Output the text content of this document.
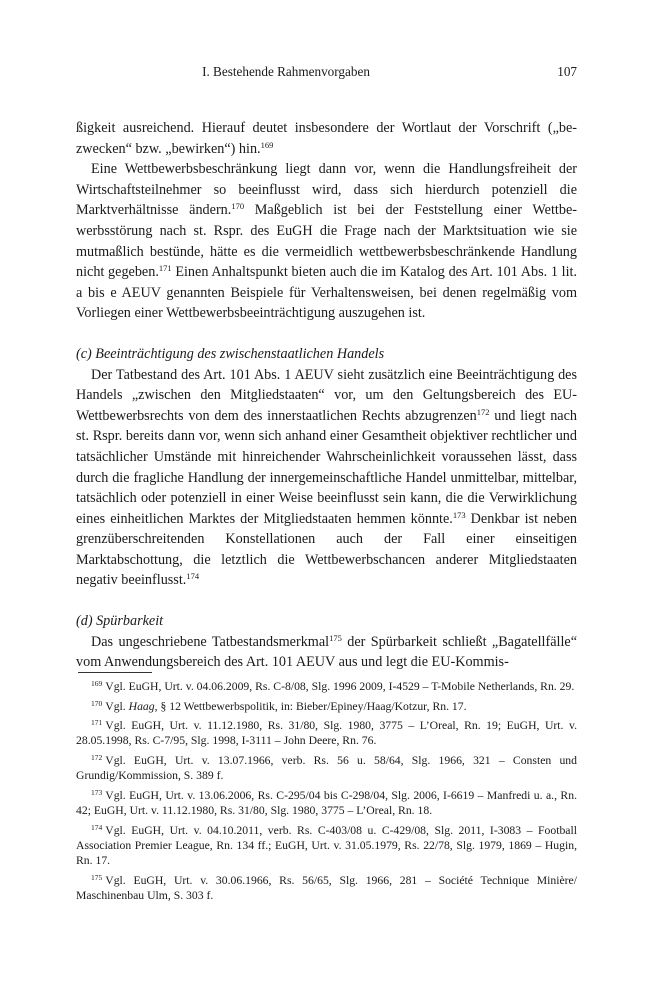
I. Bestehende Rahmenvorgaben	107

ßigkeit ausreichend. Hierauf deutet insbesondere der Wortlaut der Vorschrift („bezwecken“ bzw. „bewirken“) hin.$^{169}$

Eine Wettbewerbsbeschränkung liegt dann vor, wenn die Handlungsfreiheit der Wirtschaftsteilnehmer so beeinflusst wird, dass sich hierdurch potenziell die Marktverhältnisse ändern.$^{170}$ Maßgeblich ist bei der Feststellung einer Wettbewerbsstörung nach st. Rspr. des EuGH die Frage nach der Marktsituation wie sie mutmaßlich bestünde, hätte es die vermeidlich wettbewerbsbeschränkende Handlung nicht gegeben.$^{171}$ Einen Anhaltspunkt bieten auch die im Katalog des Art. 101 Abs. 1 lit. a bis e AEUV genannten Beispiele für Verhaltensweisen, bei denen regelmäßig vom Vorliegen einer Wettbewerbsbeeinträchtigung auszugehen ist.

(c) Beeinträchtigung des zwischenstaatlichen Handels

Der Tatbestand des Art. 101 Abs. 1 AEUV sieht zusätzlich eine Beeinträchtigung des Handels „zwischen den Mitgliedstaaten“ vor, um den Geltungsbereich des EU-Wettbewerbsrechts von dem des innerstaatlichen Rechts abzugrenzen$^{172}$ und liegt nach st. Rspr. bereits dann vor, wenn sich anhand einer Gesamtheit objektiver rechtlicher und tatsächlicher Umstände mit hinreichender Wahrscheinlichkeit voraussehen lässt, dass durch die fragliche Handlung der innergemeinschaftliche Handel unmittelbar, mittelbar, tatsächlich oder potenziell in einer Weise beeinflusst sein kann, die die Verwirklichung eines einheitlichen Marktes der Mitgliedstaaten hemmen könnte.$^{173}$ Denkbar ist neben grenzüberschreitenden Konstellationen auch der Fall einer einseitigen Marktabschottung, die letztlich die Wettbewerbschancen anderer Mitgliedstaaten negativ beeinflusst.$^{174}$

(d) Spürbarkeit

Das ungeschriebene Tatbestandsmerkmal$^{175}$ der Spürbarkeit schließt „Bagatellfälle“ vom Anwendungsbereich des Art. 101 AEUV aus und legt die EU-Kommis-

$^{169}$ Vgl. EuGH, Urt. v. 04.06.2009, Rs. C-8/08, Slg. 1996 2009, I-4529 – T-Mobile Netherlands, Rn. 29.

$^{170}$ Vgl. Haag, § 12 Wettbewerbspolitik, in: Bieber/Epiney/Haag/Kotzur, Rn. 17.

$^{171}$ Vgl. EuGH, Urt. v. 11.12.1980, Rs. 31/80, Slg. 1980, 3775 – L’Oreal, Rn. 19; EuGH, Urt. v. 28.05.1998, Rs. C-7/95, Slg. 1998, I-3111 – John Deere, Rn. 76.

$^{172}$ Vgl. EuGH, Urt. v. 13.07.1966, verb. Rs. 56 u. 58/64, Slg. 1966, 321 – Consten und Grundig/Kommission, S. 389 f.

$^{173}$ Vgl. EuGH, Urt. v. 13.06.2006, Rs. C-295/04 bis C-298/04, Slg. 2006, I-6619 – Manfredi u. a., Rn. 42; EuGH, Urt. v. 11.12.1980, Rs. 31/80, Slg. 1980, 3775 – L’Oreal, Rn. 18.

$^{174}$ Vgl. EuGH, Urt. v. 04.10.2011, verb. Rs. C-403/08 u. C-429/08, Slg. 2011, I-3083 – Football Association Premier League, Rn. 134 ff.; EuGH, Urt. v. 31.05.1979, Rs. 22/78, Slg. 1979, 1869 – Hugin, Rn. 17.

$^{175}$ Vgl. EuGH, Urt. v. 30.06.1966, Rs. 56/65, Slg. 1966, 281 – Société Technique Minière/ Maschinenbau Ulm, S. 303 f.
